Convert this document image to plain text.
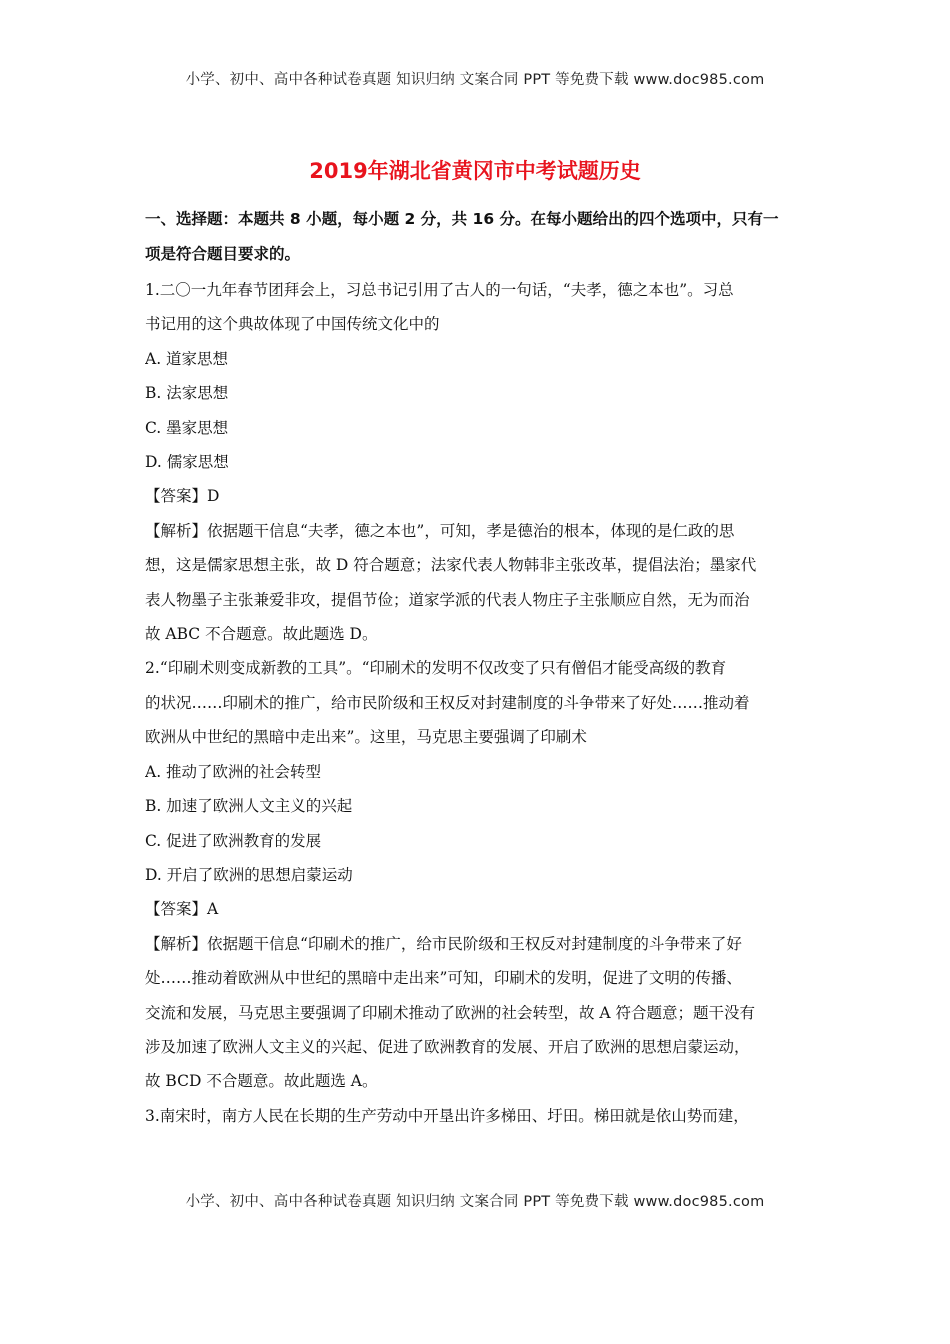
小学、初中、高中各种试卷真题 知识归纳 文案合同 PPT 等免费下载 www.doc985.com
2019年湖北省黄冈市中考试题历史
一、选择题：本题共 8 小题，每小题 2 分，共 16 分。在每小题给出的四个选项中，只有一
项是符合题目要求的。
1.二〇一九年春节团拜会上，习总书记引用了古人的一句话，“夫孝，德之本也”。习总
书记用的这个典故体现了中国传统文化中的
A. 道家思想
B. 法家思想
C. 墨家思想
D. 儒家思想
【答案】D
【解析】依据题干信息“夫孝，德之本也”，可知，孝是德治的根本，体现的是仁政的思
想，这是儒家思想主张，故 D 符合题意；法家代表人物韩非主张改革，提倡法治；墨家代
表人物墨子主张兼爱非攻，提倡节俭；道家学派的代表人物庄子主张顺应自然，无为而治
故 ABC 不合题意。故此题选 D。
2.“印刷术则变成新教的工具”。“印刷术的发明不仅改变了只有僧侣才能受高级的教育
的状况……印刷术的推广，给市民阶级和王权反对封建制度的斗争带来了好处……推动着
欧洲从中世纪的黑暗中走出来”。这里，马克思主要强调了印刷术
A. 推动了欧洲的社会转型
B. 加速了欧洲人文主义的兴起
C. 促进了欧洲教育的发展
D. 开启了欧洲的思想启蒙运动
【答案】A
【解析】依据题干信息“印刷术的推广，给市民阶级和王权反对封建制度的斗争带来了好
处……推动着欧洲从中世纪的黑暗中走出来”可知，印刷术的发明，促进了文明的传播、
交流和发展，马克思主要强调了印刷术推动了欧洲的社会转型，故 A 符合题意；题干没有
涉及加速了欧洲人文主义的兴起、促进了欧洲教育的发展、开启了欧洲的思想启蒙运动，
故 BCD 不合题意。故此题选 A。
3.南宋时，南方人民在长期的生产劳动中开垦出许多梯田、圩田。梯田就是依山势而建，
小学、初中、高中各种试卷真题 知识归纳 文案合同 PPT 等免费下载 www.doc985.com
